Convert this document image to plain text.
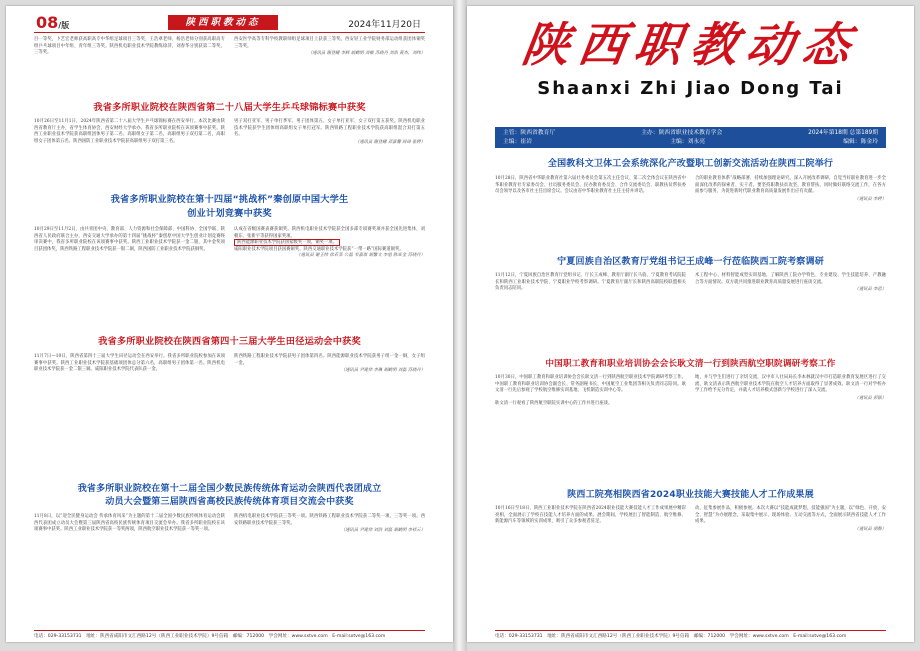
08/版	陕西职教动态	2024年11月20日
目一等奖，卜艺宏老师获高职高专中华组足球项目三等奖，王浩翠老师、杨浩老师分别获高职高专组乒乓球项目中年组、青年组三等奖。陕西机电职业技术学院教练徐萍、刘春华分别获第二等奖、三等奖。
西安医学高等专科学校教职师组足球项目上获获三等奖。西安轻工业学院财务部运动组获团体铜奖三等奖。
（通讯员 谢登耀 李辉 胡鹤明 刘敏 苏晓丹 刘浩 黄杰、刘纬）
我省多所职业院校在陕西省第二十八届大学生乒乓球锦标赛中获奖
10月26日至11月1日，2024年陕西省第二十八届大学生乒乓球锦标赛在西安举行。本次比赛由陕西省教育厅主办，省学生体育协会、西安财经大学承办。我省多所职业院校在该项赛事中获奖。陕西工业职业技术学院获高职组团体男子第二名、高职组女子第二名，高职组男子双打第二名，高职组女子团体第五名。陕西国防工业职业技术学院获高职组男子双打第三名。
男子双打亚军、男子单打季军、男子团体第五、女子单打亚军、女子双打第五获奖。陕西机电职业技术学院获学生团体组高职组女子单打冠军。陕西铁路工程职业技术学院获高职组混合双打第五名。
（通讯员 谢登耀 邓嘉馨 周琦 张婷）
我省多所职业院校在第十四届“挑战杯”秦创原中国大学生
创业计划竞赛中获奖
10月29日至11月2日，由共青团中央、教育部、人力资源和社会保障部、中国科协、全国学联、陕西省人民政府联合主办，西安交通大学承办的第十四届“挑战杯”秦创原中国大学生创业计划竞赛终审决赛中，我省多所职业院校在该项赛事中获奖。陕西工业职业技术学院获一金二银，其中金奖项目获团体奖，陕西铁路工程职业技术学院获一银二铜，陕西国防工业职业技术学院获铜奖。
认成在省级国赛表赛获铜奖。陕西机电职业技术学院获全国多部专项赛奖项并获全国先进集体，刘朝东、张新宇等获得国家奖项。
陕西能源职业技术学院获国家级奖一项，铜奖一项。
咸阳职业技术学院项目获国赛铜奖。陕西交通职业技术学院获“一带一路”国际赛道铜奖。
（通讯员 谢玉纬 徐若菲 公磊 韦嘉琪 胡馨文 李旭 陈亚金 苏晓丹）
我省多所职业院校在陕西省第四十三届大学生田径运动会中获奖
11月7日—10日，陕西省第四十三届大学生田径运动会在西安举行。我省多所职业院校参加在该项赛事中获奖。陕西工业职业技术学院获基础项团体总分第六名，高职组男子团体第一名。陕西机电职业技术学院获一金二银三铜。咸阳职业技术学院代表队获一金。
陕西铁路工程职业技术学院获男子团体第四名。陕西能源职业技术学院获男子组一金一铜，女子组一金。
（通讯员 尹建伟 李琳 胡鹤明 刘磊 苏晓丹）
我省多所职业院校在第十二届全国少数民族传统体育运动会陕西代表团成立
动员大会暨第三届陕西省高校民族传统体育项目交流会中获奖
11月8日，以“迎全民健身运动会 传承体育风采”为主题的第十二届全国少数民族传统体育运动会陕西代表团成立动员大会暨第三届陕西省高校民族传统体育项目交流会举办。我省多所职业院校在该项赛事中获奖。陕西工业职业技术学院获一等奖两项，陕西航空职业技术学院获一等奖一项。
陕西机电职业技术学院获三等奖一项。陕西铁路工程职业技术学院获二等奖一项、三等奖一项。西安铁路职业技术学院获三等奖。
（通讯员 尹建伟 刘浩 刘磊 胡鹤明 李祥云）
电话：029-33153731　地址：陕西省咸阳市文汇西路12号（陕西工业职业技术学院）9号信箱　邮编：712000　学会网址：www.sxtve.com　E-mail:sxtve@163.com
陕西职教动态
Shaanxi Zhi Jiao Dong Tai
主管：陕西省教育厅	主办：陕西省职业技术教育学会	2024年第18期 总第189期
主编：崔岩	主编：刘永亮	编辑：陈金玲
全国教科文卫体工会系统深化产改暨职工创新交流活动在陕西工院举行
10月28日，陕西省中华职业教育社第六届社务委员会第五次主任会议、第二次全体会议在陕西省中华职业教育社专家委员会、社员服务委员会、民办教育委员会、合作交流委员会、职教扶贫帮扶委员会领导以及各市社主任出席会议。会议由省中华职业教育社主任主持并讲话。
合的职业教育体系”战略部署，持续加强理论研究，深入开展改革调研，自觉当好职业教育进一步全面深化改革的探索者、实干者。要坚持职教扶贫攻坚，教育帮扶，同时做好联络交流工作，在各方面参与服务，为促进新时代职业教育高质量发展作出应有贡献。
（通讯员 李婷）
宁夏回族自治区教育厅党组书记王成峰一行莅临陕西工院考察调研
11月12日，宁夏回族自治区教育厅党组书记、厅长王成峰、教育厅副厅长马骁、宁夏教育考试院院长和陕西工业职业技术学院、宁夏职业学校考察调研。宁夏教育厅副厅长和陕西高职院校联盟相关负责同志陪同。
术工程中心、材料智能成型实训基地，了解陕西工院办学特色、专业建设、学生技能培养、产教融合等方面情况。双方就共同推进职业教育高质量发展进行座谈交流。
（通讯员 李思）
中国职工教育和职业培训协会会长耿文清一行到陕西航空职院调研考察工作
10月30日，中国职工教育和职业培训协会会长耿文清一行到陕西航空职业技术学院调研考察工作。中国职工教育和职业培训协会副会长、常务副秘书长，中国航空工业集团等相关负责同志陪同。耿文清一行先后参观了学校航空维修实训基地、飞机制造实训中心等。
地，并与学生们进行了亲切交流，汉中市人社局局长李本林就汉中市打造职业教育发展区进行了交流，耿文清表示陕西航空职业技术学院在航空人才培养方面取得了显著成效。耿文清一行对学校办学工作给予充分肯定，并就人才培养模式创新与学校进行了深入交流。
（通讯员 彭颖）
耿文清一行观看了陕西航空职院实训中心的工作并进行座谈。
陕西工院亮相陕西省2024职业技能大赛技能人才工作成果展
10月16日至18日，陕西工业职业技术学院在陕西省2024职业技能大赛技能人才工作成果展中精彩亮相，全面展示了学校在技能人才培养方面的成果。展会期间，学校展出了智能制造、航空维修、新能源汽车等领域的实训成果，吸引了众多参观者驻足。
动，征集参展作品，积极参展。本次大赛以“技能成就梦想，技能强国”为主题，以“绿色、开放、安全、智慧”为办展理念，采取集中展示、现场体验、互动交流等方式，全面展示陕西省技能人才工作成果。
（通讯员 胡静）
电话：029-33153731　地址：陕西省咸阳市文汇西路12号（陕西工业职业技术学院）9号信箱　邮编：712000　学会网址：www.sxtve.com　E-mail:sxtve@163.com
